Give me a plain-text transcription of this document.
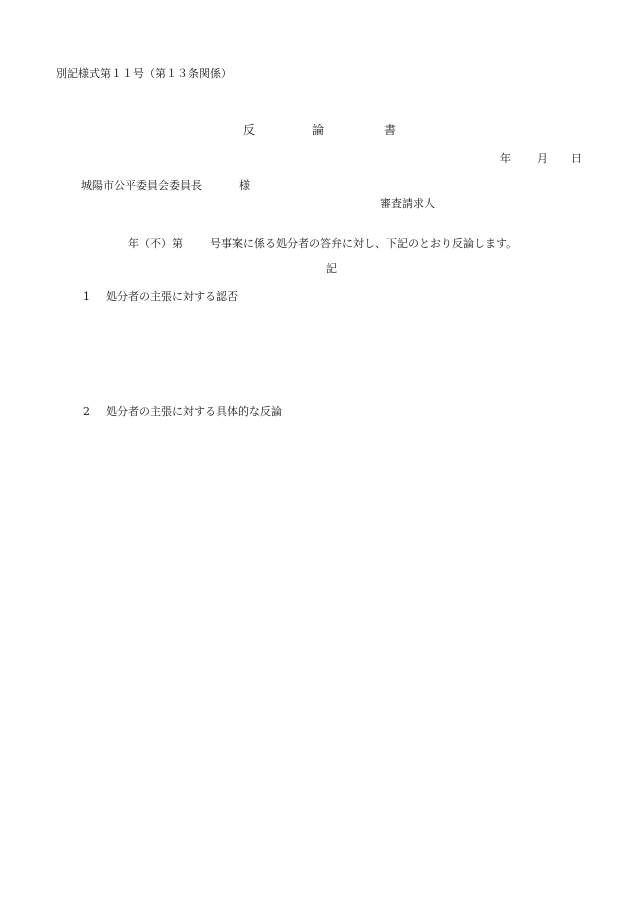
別記様式第１１号（第１３条関係）
反	論	書
年 月 日
城陽市公平委員会委員長	様
審査請求人
年（不）第 号事案に係る処分者の答弁に対し、下記のとおり反論します。
記
1 処分者の主張に対する認否
2 処分者の主張に対する具体的な反論
